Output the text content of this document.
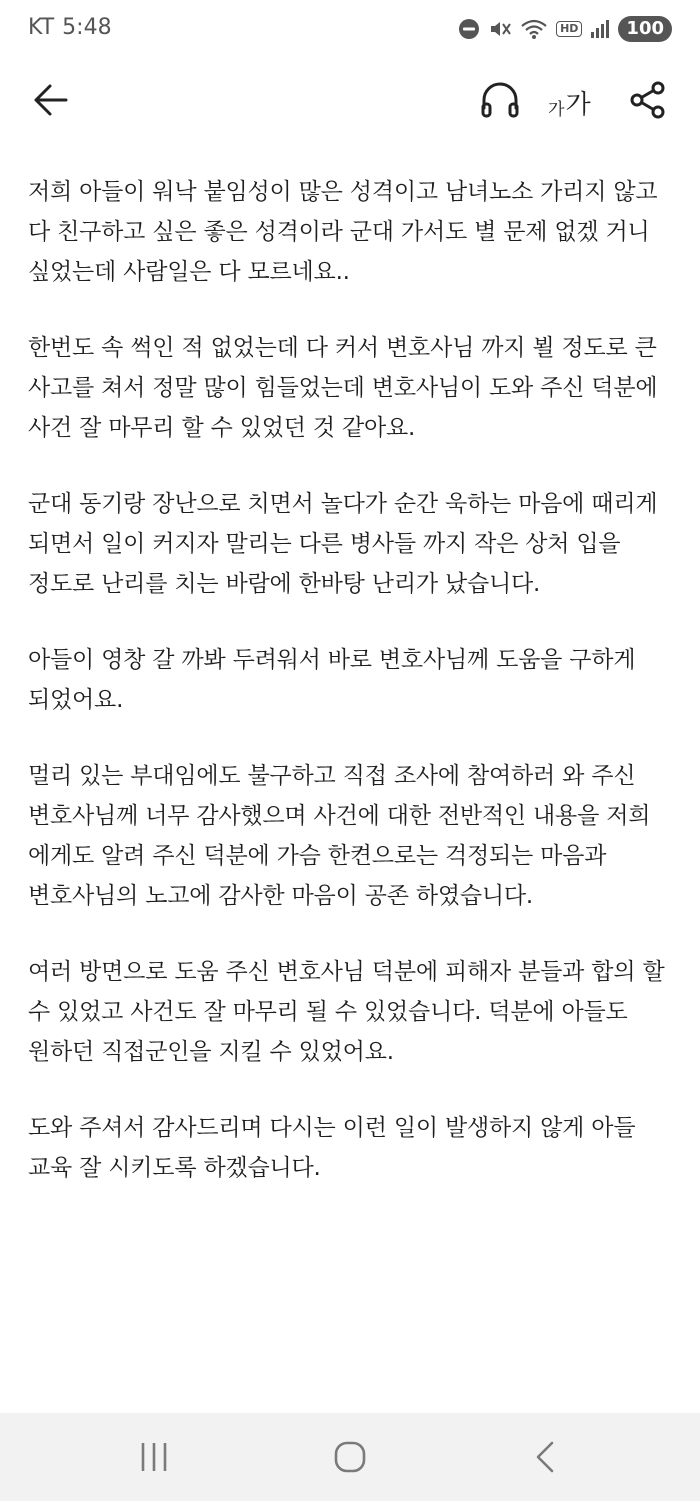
KT 5:48	HD	100
가 가

저희 아들이 워낙 붙임성이 많은 성격이고 남녀노소 가리지 않고
다 친구하고 싶은 좋은 성격이라 군대 가서도 별 문제 없겠 거니
싶었는데 사람일은 다 모르네요..

한번도 속 썩인 적 없었는데 다 커서 변호사님 까지 뵐 정도로 큰
사고를 쳐서 정말 많이 힘들었는데 변호사님이 도와 주신 덕분에
사건 잘 마무리 할 수 있었던 것 같아요.

군대 동기랑 장난으로 치면서 놀다가 순간 욱하는 마음에 때리게
되면서 일이 커지자 말리는 다른 병사들 까지 작은 상처 입을
정도로 난리를 치는 바람에 한바탕 난리가 났습니다.

아들이 영창 갈 까봐 두려워서 바로 변호사님께 도움을 구하게
되었어요.

멀리 있는 부대임에도 불구하고 직접 조사에 참여하러 와 주신
변호사님께 너무 감사했으며 사건에 대한 전반적인 내용을 저희
에게도 알려 주신 덕분에 가슴 한켠으로는 걱정되는 마음과
변호사님의 노고에 감사한 마음이 공존 하였습니다.

여러 방면으로 도움 주신 변호사님 덕분에 피해자 분들과 합의 할
수 있었고 사건도 잘 마무리 될 수 있었습니다. 덕분에 아들도
원하던 직접군인을 지킬 수 있었어요.

도와 주셔서 감사드리며 다시는 이런 일이 발생하지 않게 아들
교육 잘 시키도록 하겠습니다.
